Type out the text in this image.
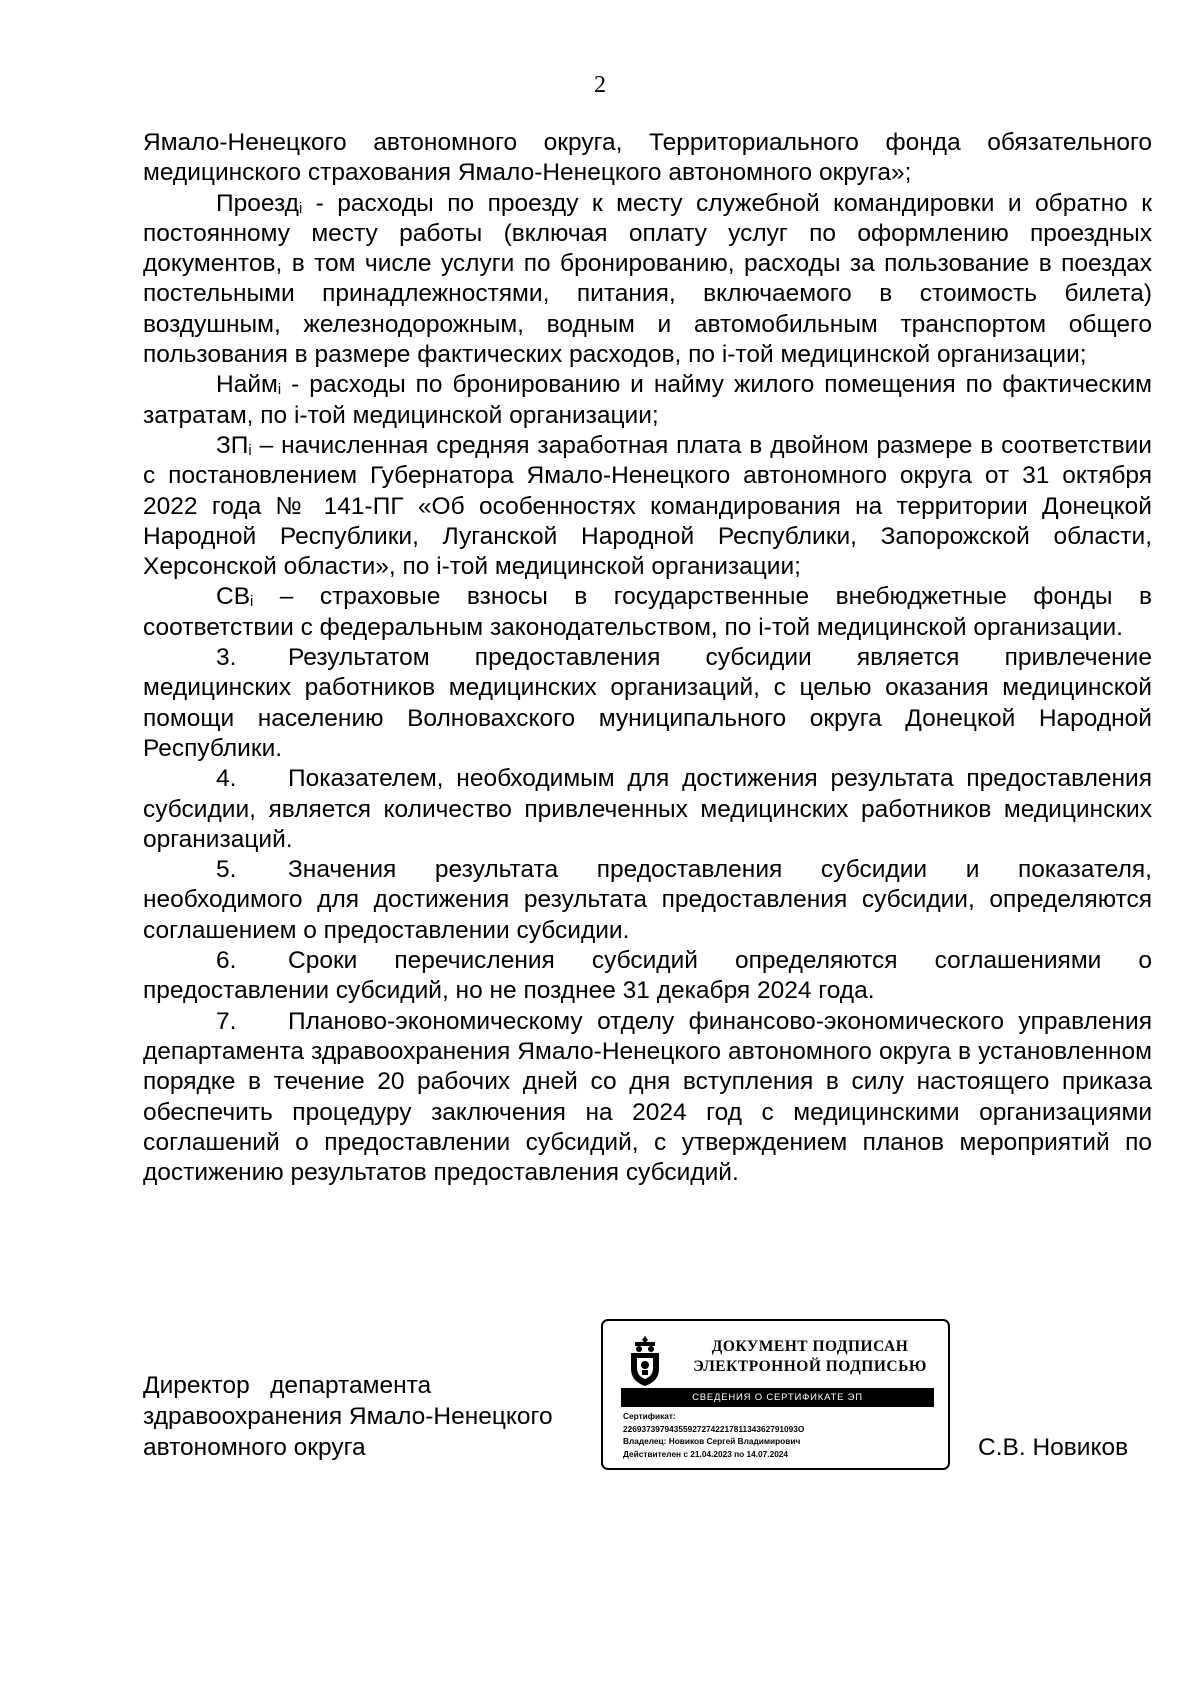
2

Ямало-Ненецкого автономного округа, Территориального фонда обязательного медицинского страхования Ямало-Ненецкого автономного округа»;

Проезд$_i$ - расходы по проезду к месту служебной командировки и обратно к постоянному месту работы (включая оплату услуг по оформлению проездных документов, в том числе услуги по бронированию, расходы за пользование в поездах постельными принадлежностями, питания, включаемого в стоимость билета) воздушным, железнодорожным, водным и автомобильным транспортом общего пользования в размере фактических расходов, по i-той медицинской организации;

Найм$_i$ - расходы по бронированию и найму жилого помещения по фактическим затратам, по i-той медицинской организации;

$ЗП_i$ – начисленная средняя заработная плата в двойном размере в соответствии с постановлением Губернатора Ямало-Ненецкого автономного округа от 31 октября 2022 года № 141-ПГ «Об особенностях командирования на территории Донецкой Народной Республики, Луганской Народной Республики, Запорожской области, Херсонской области», по i-той медицинской организации;

$СВ_i$ – страховые взносы в государственные внебюджетные фонды в соответствии с федеральным законодательством, по i-той медицинской организации.

3. Результатом предоставления субсидии является привлечение медицинских работников медицинских организаций, с целью оказания медицинской помощи населению Волновахского муниципального округа Донецкой Народной Республики.

4. Показателем, необходимым для достижения результата предоставления субсидии, является количество привлеченных медицинских работников медицинских организаций.

5. Значения результата предоставления субсидии и показателя, необходимого для достижения результата предоставления субсидии, определяются соглашением о предоставлении субсидии.

6. Сроки перечисления субсидий определяются соглашениями о предоставлении субсидий, но не позднее 31 декабря 2024 года.

7. Планово-экономическому отделу финансово-экономического управления департамента здравоохранения Ямало-Ненецкого автономного округа в установленном порядке в течение 20 рабочих дней со дня вступления в силу настоящего приказа обеспечить процедуру заключения на 2024 год с медицинскими организациями соглашений о предоставлении субсидий, с утверждением планов мероприятий по достижению результатов предоставления субсидий.

Директор   департамента
здравоохранения Ямало-Ненецкого
автономного округа
ДОКУМЕНТ ПОДПИСАН
ЭЛЕКТРОННОЙ ПОДПИСЬЮ
СВЕДЕНИЯ О СЕРТИФИКАТЕ ЭП
Сертификат:
22693739794355927274221781134362791093O
Владелец: Новиков Сергей Владимирович
Действителен с 21.04.2023 по 14.07.2024	С.В. Новиков
